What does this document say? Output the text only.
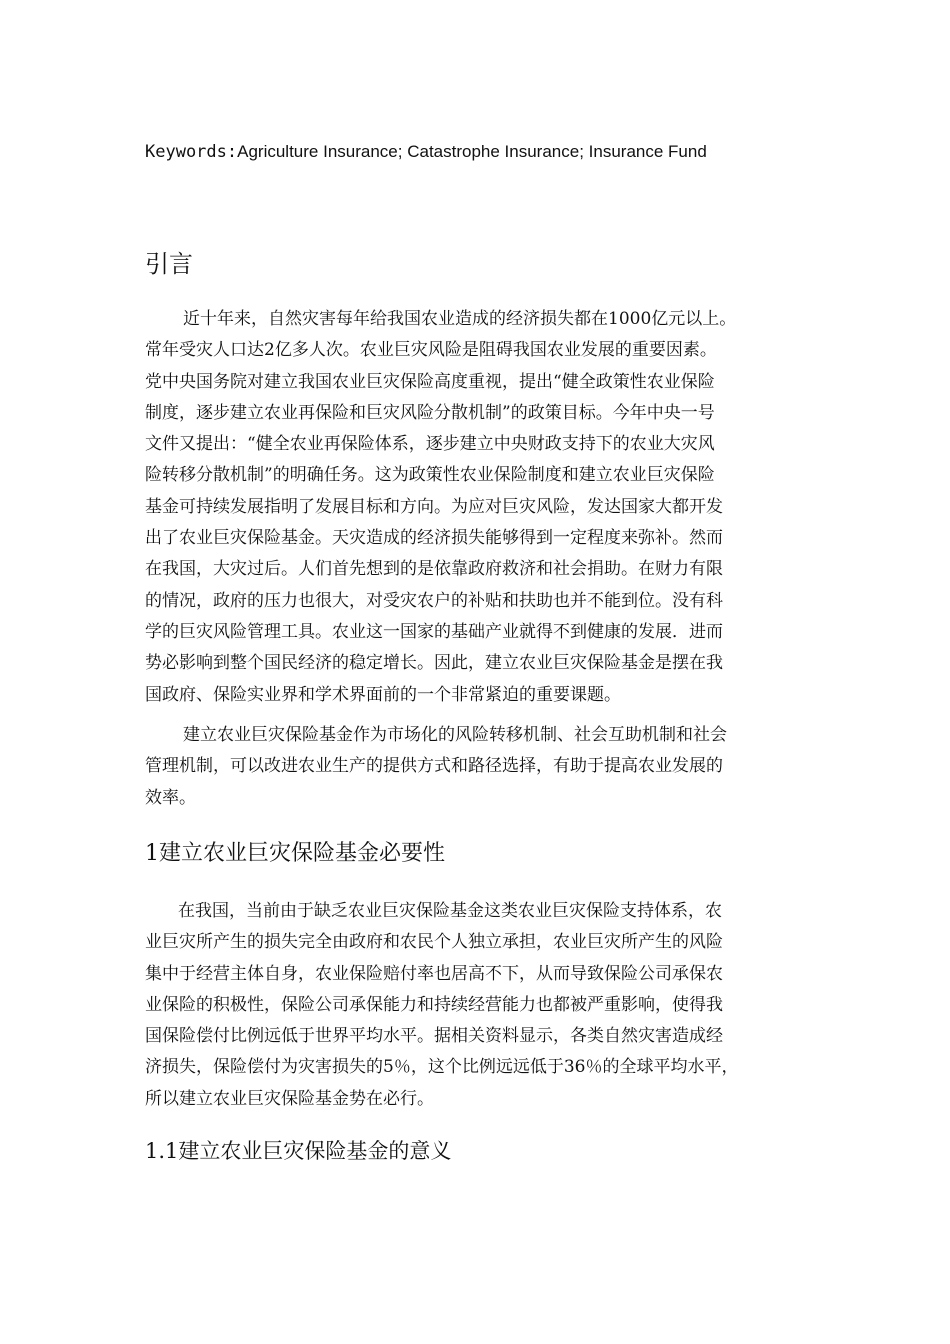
Keywords:Agriculture Insurance; Catastrophe Insurance; Insurance Fund
引言

近十年来，自然灾害每年给我国农业造成的经济损失都在1000亿元以上。
常年受灾人口达2亿多人次。农业巨灾风险是阻碍我国农业发展的重要因素。
党中央国务院对建立我国农业巨灾保险高度重视，提出“健全政策性农业保险
制度，逐步建立农业再保险和巨灾风险分散机制”的政策目标。今年中央一号
文件又提出：“健全农业再保险体系，逐步建立中央财政支持下的农业大灾风
险转移分散机制”的明确任务。这为政策性农业保险制度和建立农业巨灾保险
基金可持续发展指明了发展目标和方向。为应对巨灾风险，发达国家大都开发
出了农业巨灾保险基金。天灾造成的经济损失能够得到一定程度来弥补。然而
在我国，大灾过后。人们首先想到的是依靠政府救济和社会捐助。在财力有限
的情况，政府的压力也很大，对受灾农户的补贴和扶助也并不能到位。没有科
学的巨灾风险管理工具。农业这一国家的基础产业就得不到健康的发展．进而
势必影响到整个国民经济的稳定增长。因此，建立农业巨灾保险基金是摆在我
国政府、保险实业界和学术界面前的一个非常紧迫的重要课题。

建立农业巨灾保险基金作为市场化的风险转移机制、社会互助机制和社会
管理机制，可以改进农业生产的提供方式和路径选择，有助于提高农业发展的
效率。

1建立农业巨灾保险基金必要性

在我国，当前由于缺乏农业巨灾保险基金这类农业巨灾保险支持体系，农
业巨灾所产生的损失完全由政府和农民个人独立承担，农业巨灾所产生的风险
集中于经营主体自身，农业保险赔付率也居高不下，从而导致保险公司承保农
业保险的积极性，保险公司承保能力和持续经营能力也都被严重影响，使得我
国保险偿付比例远低于世界平均水平。据相关资料显示，各类自然灾害造成经
济损失，保险偿付为灾害损失的5％，这个比例远远低于36％的全球平均水平，
所以建立农业巨灾保险基金势在必行。

1.1建立农业巨灾保险基金的意义
